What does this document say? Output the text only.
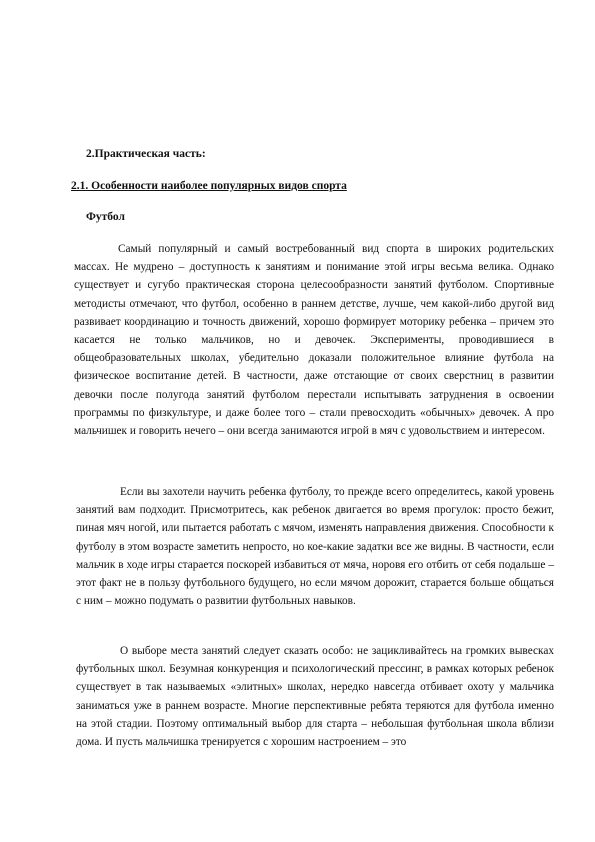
2.Практическая часть:
2.1. Особенности наиболее популярных видов спорта
Футбол

Самый популярный и самый востребованный вид спорта в широких родительских массах. Не мудрено – доступность к занятиям и понимание этой игры весьма велика. Однако существует и сугубо практическая сторона целесообразности занятий футболом. Спортивные методисты отмечают, что футбол, особенно в раннем детстве, лучше, чем какой-либо другой вид развивает координацию и точность движений, хорошо формирует моторику ребенка – причем это касается не только мальчиков, но и девочек. Эксперименты, проводившиеся в общеобразовательных школах, убедительно доказали положительное влияние футбола на физическое воспитание детей. В частности, даже отстающие от своих сверстниц в развитии девочки после полугода занятий футболом перестали испытывать затруднения в освоении программы по физкультуре, и даже более того – стали превосходить «обычных» девочек. А про мальчишек и говорить нечего – они всегда занимаются игрой в мяч с удовольствием и интересом.

Если вы захотели научить ребенка футболу, то прежде всего определитесь, какой уровень занятий вам подходит. Присмотритесь, как ребенок двигается во время прогулок: просто бежит, пиная мяч ногой, или пытается работать с мячом, изменять направления движения. Способности к футболу в этом возрасте заметить непросто, но кое-какие задатки все же видны. В частности, если мальчик в ходе игры старается поскорей избавиться от мяча, норовя его отбить от себя подальше – этот факт не в пользу футбольного будущего, но если мячом дорожит, старается больше общаться с ним – можно подумать о развитии футбольных навыков.

О выборе места занятий следует сказать особо: не зацикливайтесь на громких вывесках футбольных школ. Безумная конкуренция и психологический прессинг, в рамках которых ребенок существует в так называемых «элитных» школах, нередко навсегда отбивает охоту у мальчика заниматься уже в раннем возрасте. Многие перспективные ребята теряются для футбола именно на этой стадии. Поэтому оптимальный выбор для старта – небольшая футбольная школа вблизи дома. И пусть мальчишка тренируется с хорошим настроением – это
